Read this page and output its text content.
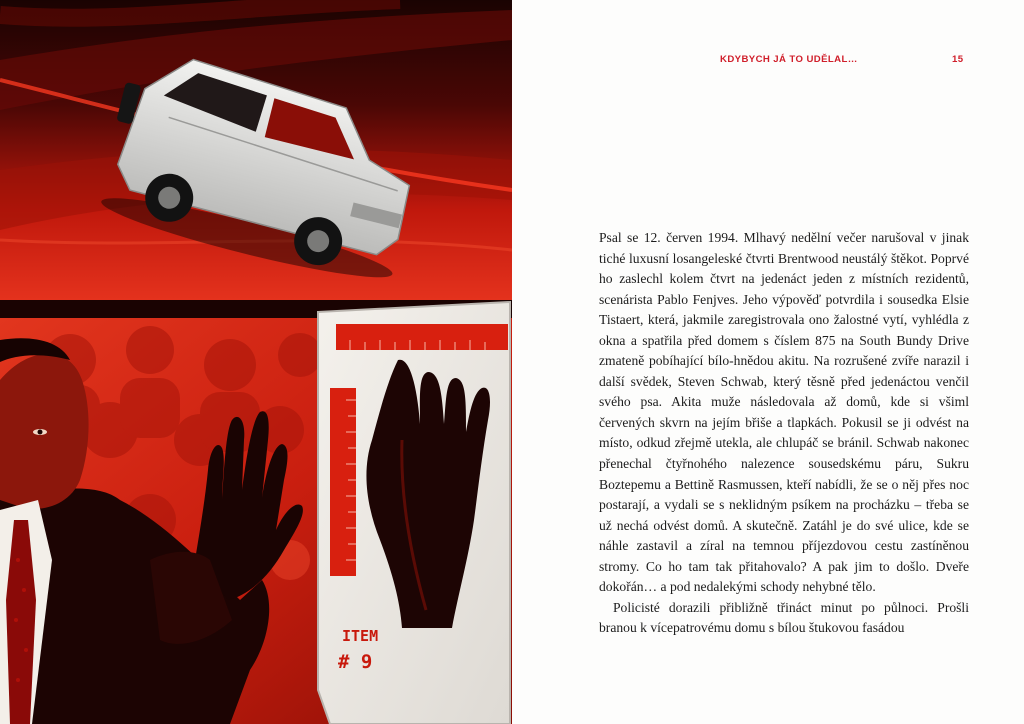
ITEM
# 9
KDYBYCH JÁ TO UDĚLAL…	15

Psal se 12. červen 1994. Mlhavý nedělní večer narušoval v jinak tiché luxusní losangeleské čtvrti Brentwood neustálý štěkot. Poprvé ho zaslechl kolem čtvrt na jedenáct jeden z místních rezidentů, scenárista Pablo Fenjves. Jeho výpověď potvrdila i sousedka Elsie Tistaert, která, jakmile zaregistrovala ono žalostné vytí, vyhlédla z okna a spatřila před domem s číslem 875 na South Bundy Drive zmateně pobíhající bílo-hnědou akitu. Na rozrušené zvíře narazil i další svědek, Steven Schwab, který těsně před jedenáctou venčil svého psa. Akita muže následovala až domů, kde si všiml červených skvrn na jejím břiše a tlapkách. Pokusil se ji odvést na místo, odkud zřejmě utekla, ale chlupáč se bránil. Schwab nakonec přenechal čtyřnohého nalezence sousedskému páru, Sukru Boztepemu a Bettině Rasmussen, kteří nabídli, že se o něj přes noc postarají, a vydali se s neklidným psíkem na procházku – třeba se už nechá odvést domů. A skutečně. Zatáhl je do své ulice, kde se náhle zastavil a zíral na temnou příjezdovou cestu zastíněnou stromy. Co ho tam tak přitahovalo? A pak jim to došlo. Dveře dokořán… a pod nedalekými schody nehybné tělo.

Policisté dorazili přibližně třináct minut po půlnoci. Prošli branou k vícepatrovému domu s bílou štukovou fasádou
